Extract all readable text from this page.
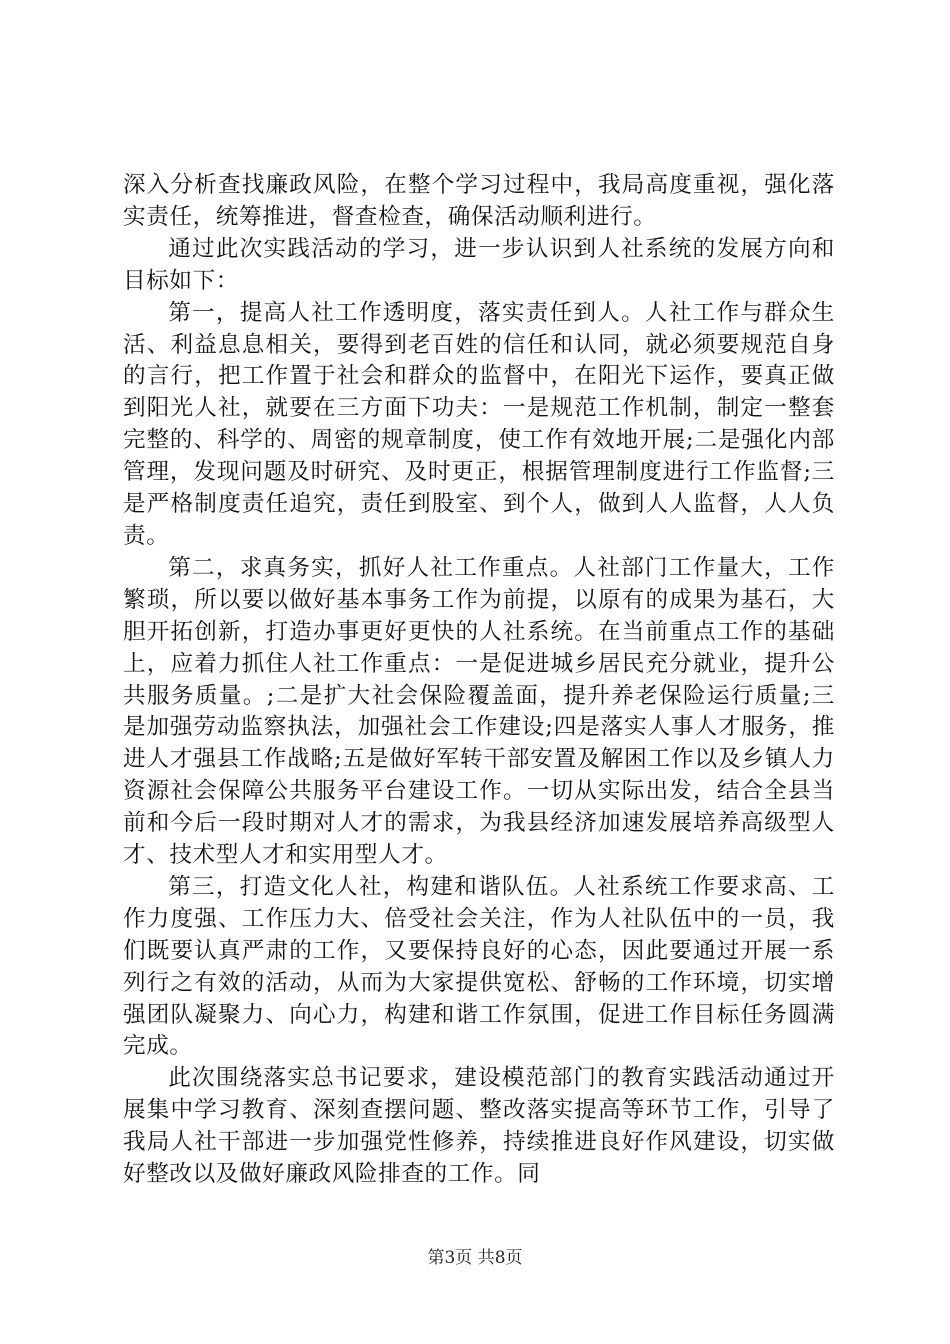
深入分析查找廉政风险，在整个学习过程中，我局高度重视，强化落实责任，统筹推进，督查检查，确保活动顺利进行。

通过此次实践活动的学习，进一步认识到人社系统的发展方向和目标如下：

第一，提高人社工作透明度，落实责任到人。人社工作与群众生活、利益息息相关，要得到老百姓的信任和认同，就必须要规范自身的言行，把工作置于社会和群众的监督中，在阳光下运作，要真正做到阳光人社，就要在三方面下功夫：一是规范工作机制，制定一整套完整的、科学的、周密的规章制度，使工作有效地开展;二是强化内部管理，发现问题及时研究、及时更正，根据管理制度进行工作监督;三是严格制度责任追究，责任到股室、到个人，做到人人监督，人人负责。

第二，求真务实，抓好人社工作重点。人社部门工作量大，工作繁琐，所以要以做好基本事务工作为前提，以原有的成果为基石，大胆开拓创新，打造办事更好更快的人社系统。在当前重点工作的基础上，应着力抓住人社工作重点：一是促进城乡居民充分就业，提升公共服务质量。;二是扩大社会保险覆盖面，提升养老保险运行质量;三是加强劳动监察执法，加强社会工作建设;四是落实人事人才服务，推进人才强县工作战略;五是做好军转干部安置及解困工作以及乡镇人力资源社会保障公共服务平台建设工作。一切从实际出发，结合全县当前和今后一段时期对人才的需求，为我县经济加速发展培养高级型人才、技术型人才和实用型人才。

第三，打造文化人社，构建和谐队伍。人社系统工作要求高、工作力度强、工作压力大、倍受社会关注，作为人社队伍中的一员，我们既要认真严肃的工作，又要保持良好的心态，因此要通过开展一系列行之有效的活动，从而为大家提供宽松、舒畅的工作环境，切实增强团队凝聚力、向心力，构建和谐工作氛围，促进工作目标任务圆满完成。

此次围绕落实总书记要求，建设模范部门的教育实践活动通过开展集中学习教育、深刻查摆问题、整改落实提高等环节工作，引导了我局人社干部进一步加强党性修养，持续推进良好作风建设，切实做好整改以及做好廉政风险排查的工作。同

第3页 共8页
